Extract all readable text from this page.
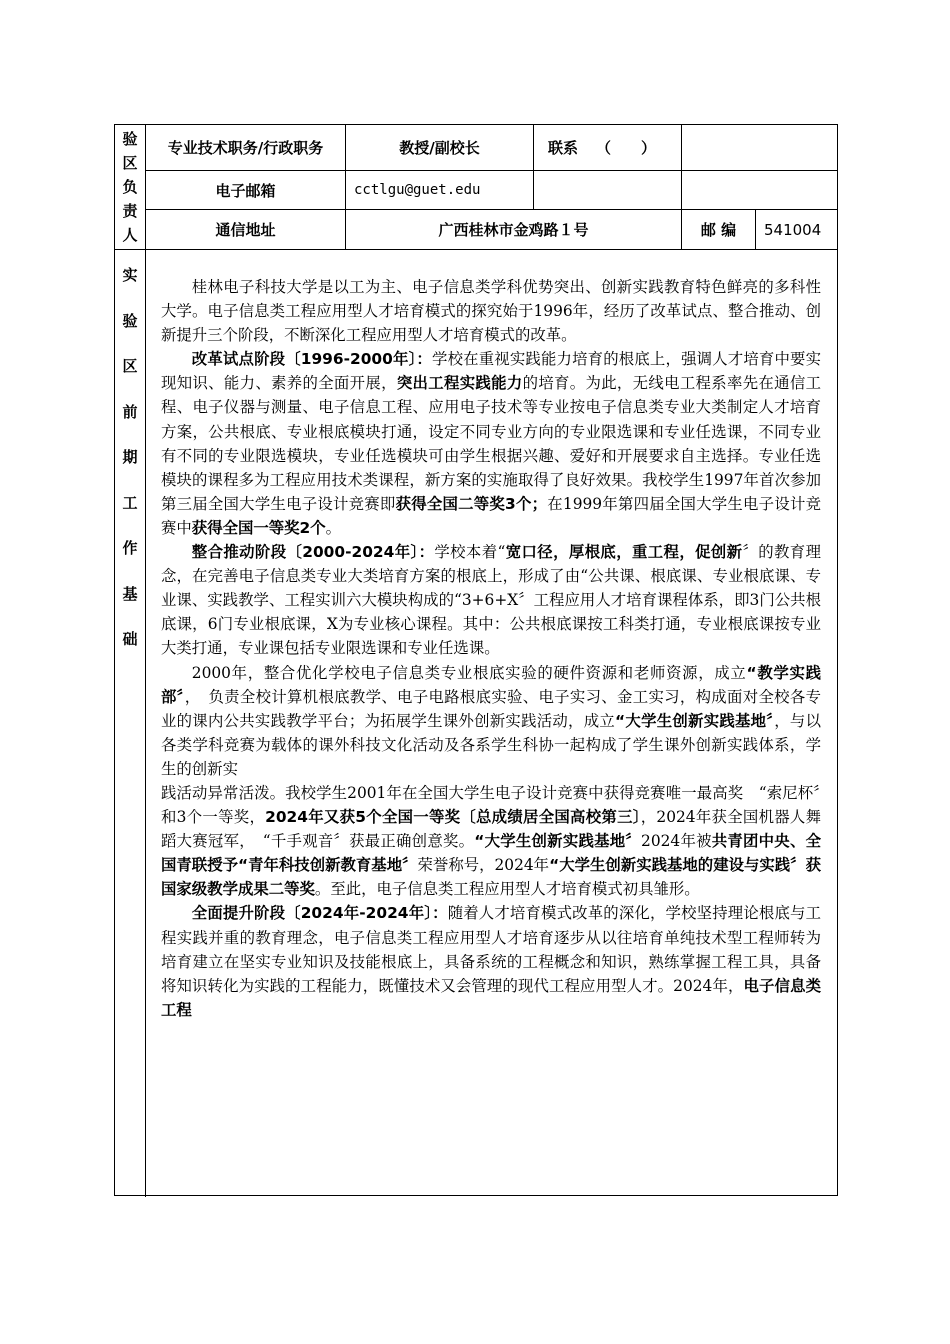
验
区
负
责
人
专业技术职务/行政职务	教授/副校长	联系 （　　）
电子邮箱	cctlgu@guet.edu
通信地址	广西桂林市金鸡路１号	邮 编	541004
实
验
区
前
期
工
作
基
础

桂林电子科技大学是以工为主、电子信息类学科优势突出、创新实践教育特色鲜亮的多科性大学。电子信息类工程应用型人才培育模式的探究始于1996年，经历了改革试点、整合推动、创新提升三个阶段，不断深化工程应用型人才培育模式的改革。

改革试点阶段〔1996-2000年〕：学校在重视实践能力培育的根底上，强调人才培育中要实现知识、能力、素养的全面开展，突出工程实践能力的培育。为此，无线电工程系率先在通信工程、电子仪器与测量、电子信息工程、应用电子技术等专业按电子信息类专业大类制定人才培育方案，公共根底、专业根底模块打通，设定不同专业方向的专业限选课和专业任选课，不同专业有不同的专业限选模块，专业任选模块可由学生根据兴趣、爱好和开展要求自主选择。专业任选模块的课程多为工程应用技术类课程，新方案的实施取得了良好效果。我校学生1997年首次参加第三届全国大学生电子设计竞赛即获得全国二等奖3个；在1999年第四届全国大学生电子设计竞赛中获得全国一等奖2个。

整合推动阶段〔2000-2024年〕：学校本着“宽口径，厚根底，重工程，促创新〞的教育理念，在完善电子信息类专业大类培育方案的根底上，形成了由“公共课、根底课、专业根底课、专业课、实践教学、工程实训六大模块构成的“3+6+X〞工程应用人才培育课程体系，即3门公共根底课，6门专业根底课，X为专业核心课程。其中：公共根底课按工科类打通，专业根底课按专业大类打通，专业课包括专业限选课和专业任选课。

2000年，整合优化学校电子信息类专业根底实验的硬件资源和老师资源，成立“教学实践部〞，　负责全校计算机根底教学、电子电路根底实验、电子实习、金工实习，构成面对全校各专业的课内公共实践教学平台；为拓展学生课外创新实践活动，成立“大学生创新实践基地〞，与以各类学科竞赛为载体的课外科技文化活动及各系学生科协一起构成了学生课外创新实践体系，学生的创新实

践活动异常活泼。我校学生2001年在全国大学生电子设计竞赛中获得竞赛唯一最高奖　“索尼杯〞和3个一等奖，2024年又获5个全国一等奖〔总成绩居全国高校第三〕，2024年获全国机器人舞蹈大赛冠军，　“千手观音〞获最正确创意奖。“大学生创新实践基地〞2024年被共青团中央、全国青联授予“青年科技创新教育基地〞荣誉称号，2024年“大学生创新实践基地的建设与实践〞获国家级教学成果二等奖。至此，电子信息类工程应用型人才培育模式初具雏形。

全面提升阶段〔2024年-2024年〕：随着人才培育模式改革的深化，学校坚持理论根底与工程实践并重的教育理念，电子信息类工程应用型人才培育逐步从以往培育单纯技术型工程师转为培育建立在坚实专业知识及技能根底上，具备系统的工程概念和知识，熟练掌握工程工具，具备将知识转化为实践的工程能力，既懂技术又会管理的现代工程应用型人才。2024年，电子信息类工程
